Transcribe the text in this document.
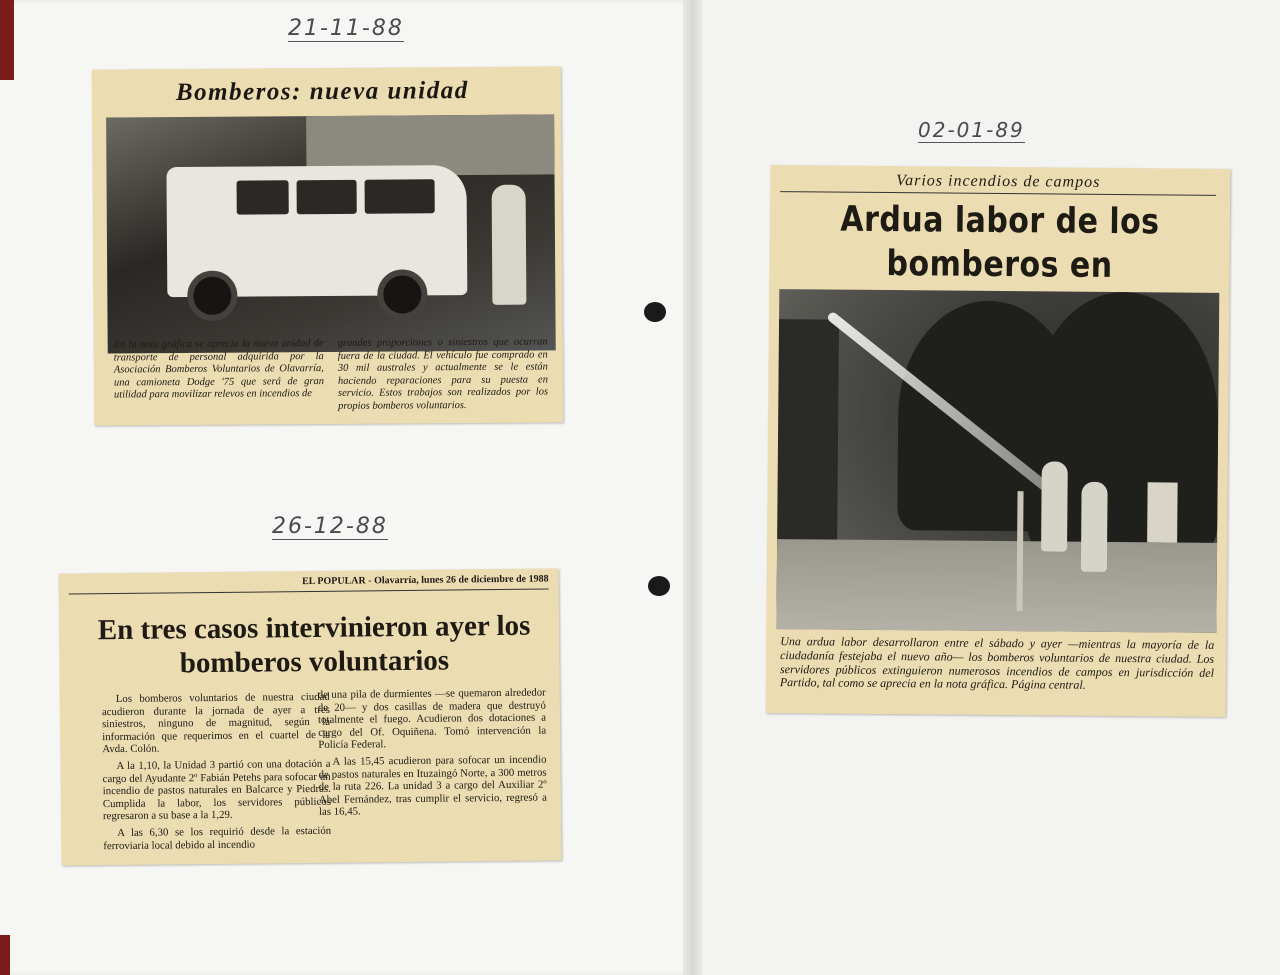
21-11-88
26-12-88
02-01-89
Bomberos: nueva unidad
En la nota gráfica se aprecia la nueva unidad de transporte de personal adquirida por la Asociación Bomberos Voluntarios de Olavarría, una camioneta Dodge '75 que será de gran utilidad para movilizar relevos en incendios de
grandes proporciones o siniestros que ocurran fuera de la ciudad. El vehículo fue comprado en 30 mil australes y actualmente se le están haciendo reparaciones para su puesta en servicio. Estos trabajos son realizados por los propios bomberos voluntarios.
EL POPULAR - Olavarría, lunes 26 de diciembre de 1988
En tres casos intervinieron ayer los bomberos voluntarios

Los bomberos voluntarios de nuestra ciudad acudieron durante la jornada de ayer a tres siniestros, ninguno de magnitud, según la información que requerimos en el cuartel de la Avda. Colón.

A la 1,10, la Unidad 3 partió con una dotación a cargo del Ayudante 2º Fabián Petehs para sofocar un incendio de pastos naturales en Balcarce y Piedras. Cumplida la labor, los servidores públicos regresaron a su base a la 1,29.

A las 6,30 se los requirió desde la estación ferroviaria local debido al incendio

de una pila de durmientes —se quemaron alrededor de 20— y dos casillas de madera que destruyó totalmente el fuego. Acudieron dos dotaciones a cargo del Of. Oquiñena. Tomó intervención la Policía Federal.

A las 15,45 acudieron para sofocar un incendio de pastos naturales en Ituzaingó Norte, a 300 metros de la ruta 226. La unidad 3 a cargo del Auxiliar 2º Abel Fernández, tras cumplir el servicio, regresó a las 16,45.

Varios incendios de campos
Ardua labor de los bomberos en
Una ardua labor desarrollaron entre el sábado y ayer —mientras la mayoría de la ciudadanía festejaba el nuevo año— los bomberos voluntarios de nuestra ciudad. Los servidores públicos extinguieron numerosos incendios de campos en jurisdicción del Partido, tal como se aprecia en la nota gráfica. Página central.
